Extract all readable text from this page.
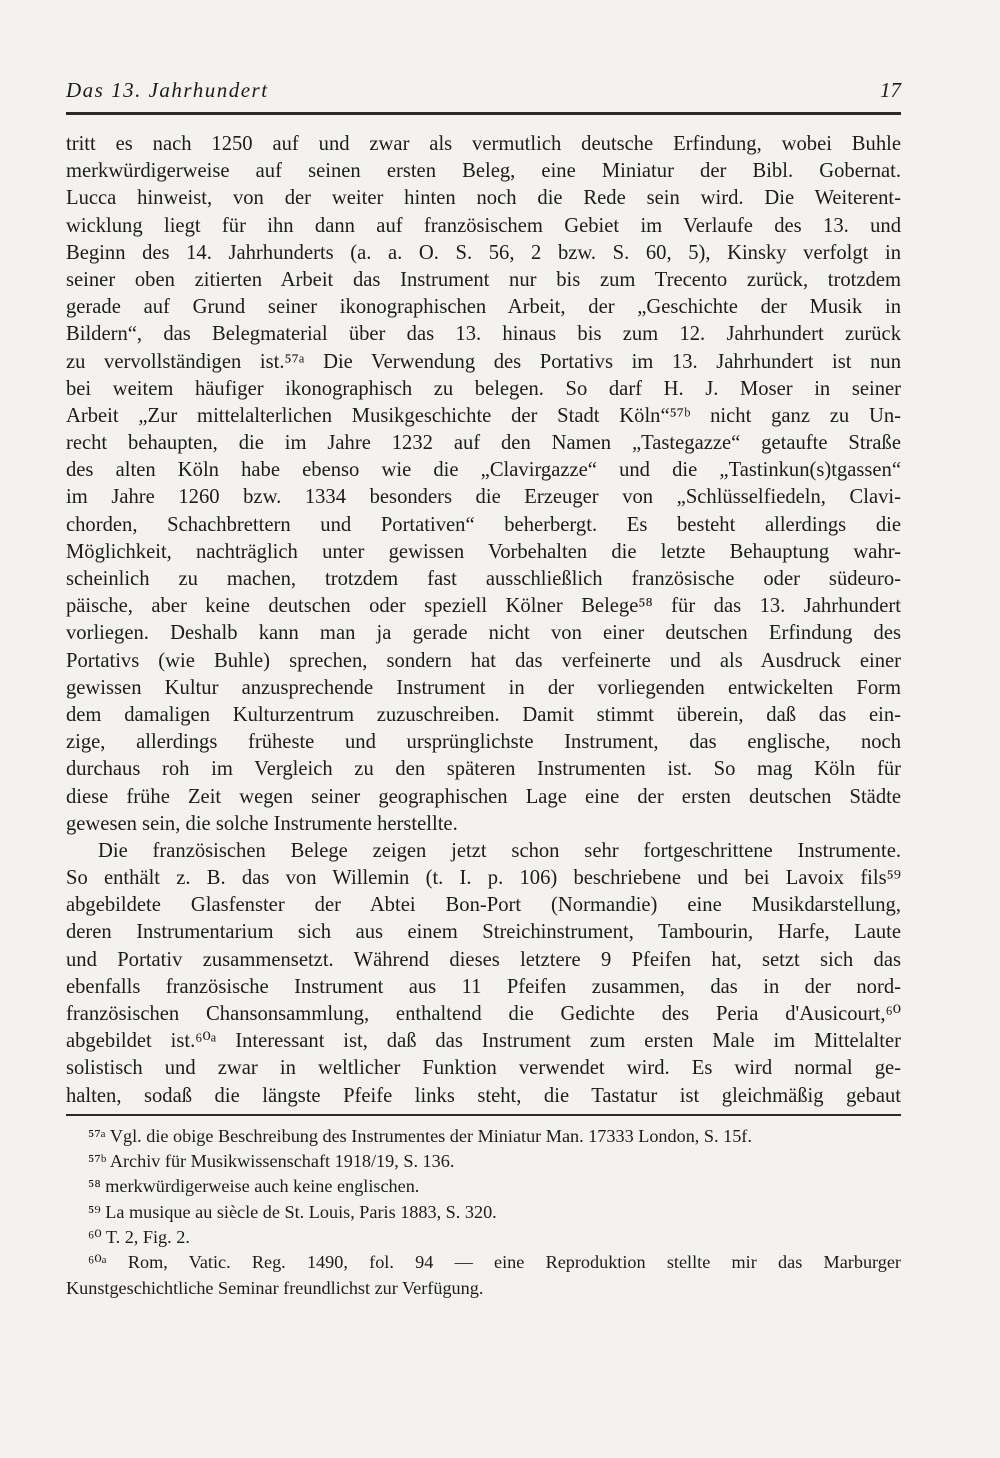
Das 13. Jahrhundert	17
tritt es nach 1250 auf und zwar als vermutlich deutsche Erfindung, wobei Buhle
merkwürdigerweise auf seinen ersten Beleg, eine Miniatur der Bibl. Gobernat.
Lucca hinweist, von der weiter hinten noch die Rede sein wird. Die Weiterent-
wicklung liegt für ihn dann auf französischem Gebiet im Verlaufe des 13. und
Beginn des 14. Jahrhunderts (a. a. O. S. 56, 2 bzw. S. 60, 5), Kinsky verfolgt in
seiner oben zitierten Arbeit das Instrument nur bis zum Trecento zurück, trotzdem
gerade auf Grund seiner ikonographischen Arbeit, der „Geschichte der Musik in
Bildern“, das Belegmaterial über das 13. hinaus bis zum 12. Jahrhundert zurück
zu vervollständigen ist.⁵⁷ᵃ Die Verwendung des Portativs im 13. Jahrhundert ist nun
bei weitem häufiger ikonographisch zu belegen. So darf H. J. Moser in seiner
Arbeit „Zur mittelalterlichen Musikgeschichte der Stadt Köln“⁵⁷ᵇ nicht ganz zu Un-
recht behaupten, die im Jahre 1232 auf den Namen „Tastegazze“ getaufte Straße
des alten Köln habe ebenso wie die „Clavirgazze“ und die „Tastinkun(s)tgassen“
im Jahre 1260 bzw. 1334 besonders die Erzeuger von „Schlüsselfiedeln, Clavi-
chorden, Schachbrettern und Portativen“ beherbergt. Es besteht allerdings die
Möglichkeit, nachträglich unter gewissen Vorbehalten die letzte Behauptung wahr-
scheinlich zu machen, trotzdem fast ausschließlich französische oder südeuro-
päische, aber keine deutschen oder speziell Kölner Belege⁵⁸ für das 13. Jahrhundert
vorliegen. Deshalb kann man ja gerade nicht von einer deutschen Erfindung des
Portativs (wie Buhle) sprechen, sondern hat das verfeinerte und als Ausdruck einer
gewissen Kultur anzusprechende Instrument in der vorliegenden entwickelten Form
dem damaligen Kulturzentrum zuzuschreiben. Damit stimmt überein, daß das ein-
zige, allerdings früheste und ursprünglichste Instrument, das englische, noch
durchaus roh im Vergleich zu den späteren Instrumenten ist. So mag Köln für
diese frühe Zeit wegen seiner geographischen Lage eine der ersten deutschen Städte
gewesen sein, die solche Instrumente herstellte.
Die französischen Belege zeigen jetzt schon sehr fortgeschrittene Instrumente.
So enthält z. B. das von Willemin (t. I. p. 106) beschriebene und bei Lavoix fils⁵⁹
abgebildete Glasfenster der Abtei Bon-Port (Normandie) eine Musikdarstellung,
deren Instrumentarium sich aus einem Streichinstrument, Tambourin, Harfe, Laute
und Portativ zusammensetzt. Während dieses letztere 9 Pfeifen hat, setzt sich das
ebenfalls französische Instrument aus 11 Pfeifen zusammen, das in der nord-
französischen Chansonsammlung, enthaltend die Gedichte des Peria d'Ausicourt,⁶⁰
abgebildet ist.⁶⁰ᵃ Interessant ist, daß das Instrument zum ersten Male im Mittelalter
solistisch und zwar in weltlicher Funktion verwendet wird. Es wird normal ge-
halten, sodaß die längste Pfeife links steht, die Tastatur ist gleichmäßig gebaut
⁵⁷ᵃ Vgl. die obige Beschreibung des Instrumentes der Miniatur Man. 17333 London, S. 15f.
⁵⁷ᵇ Archiv für Musikwissenschaft 1918/19, S. 136.
⁵⁸ merkwürdigerweise auch keine englischen.
⁵⁹ La musique au siècle de St. Louis, Paris 1883, S. 320.
⁶⁰ T. 2, Fig. 2.
⁶⁰ᵃ Rom, Vatic. Reg. 1490, fol. 94 — eine Reproduktion stellte mir das Marburger
Kunstgeschichtliche Seminar freundlichst zur Verfügung.
